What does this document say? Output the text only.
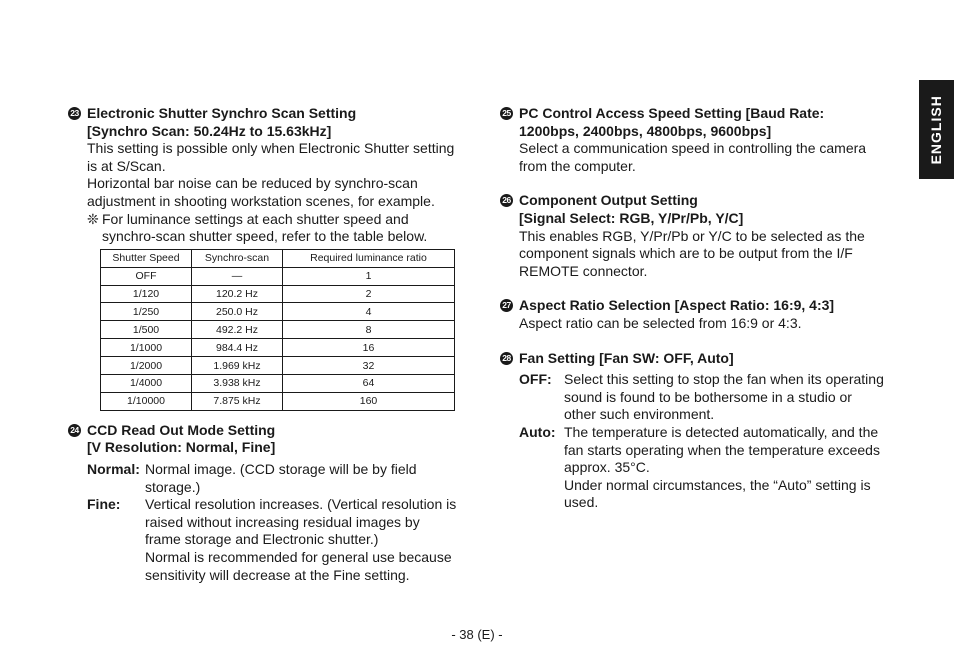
ENGLISH
23 Electronic Shutter Synchro Scan Setting
[Synchro Scan: 50.24Hz to 15.63kHz]
This setting is possible only when Electronic Shutter setting is at S/Scan.
Horizontal bar noise can be reduced by synchro-scan adjustment in shooting workstation scenes, for example.
❊ For luminance settings at each shutter speed and synchro-scan shutter speed, refer to the table below.
Shutter Speed	Synchro-scan	Required luminance ratio
OFF	—	1
1/120	120.2 Hz	2
1/250	250.0 Hz	4
1/500	492.2 Hz	8
1/1000	984.4 Hz	16
1/2000	1.969 kHz	32
1/4000	3.938 kHz	64
1/10000	7.875 kHz	160
24 CCD Read Out Mode Setting
[V Resolution: Normal, Fine]
Normal: Normal image. (CCD storage will be by field storage.)
Fine:	Vertical resolution increases. (Vertical resolution is raised without increasing residual images by frame storage and Electronic shutter.)
Normal is recommended for general use because sensitivity will decrease at the Fine setting.
25 PC Control Access Speed Setting [Baud Rate:
1200bps, 2400bps, 4800bps, 9600bps]
Select a communication speed in controlling the camera from the computer.
26 Component Output Setting
[Signal Select: RGB, Y/Pr/Pb, Y/C]
This enables RGB, Y/Pr/Pb or Y/C to be selected as the component signals which are to be output from the I/F REMOTE connector.
27 Aspect Ratio Selection [Aspect Ratio: 16:9, 4:3]
Aspect ratio can be selected from 16:9 or 4:3.
28 Fan Setting [Fan SW: OFF, Auto]
OFF: Select this setting to stop the fan when its operating sound is found to be bothersome in a studio or other such environment.
Auto: The temperature is detected automatically, and the fan starts operating when the temperature exceeds approx. 35°C.
Under normal circumstances, the “Auto” setting is used.
- 38 (E) -
